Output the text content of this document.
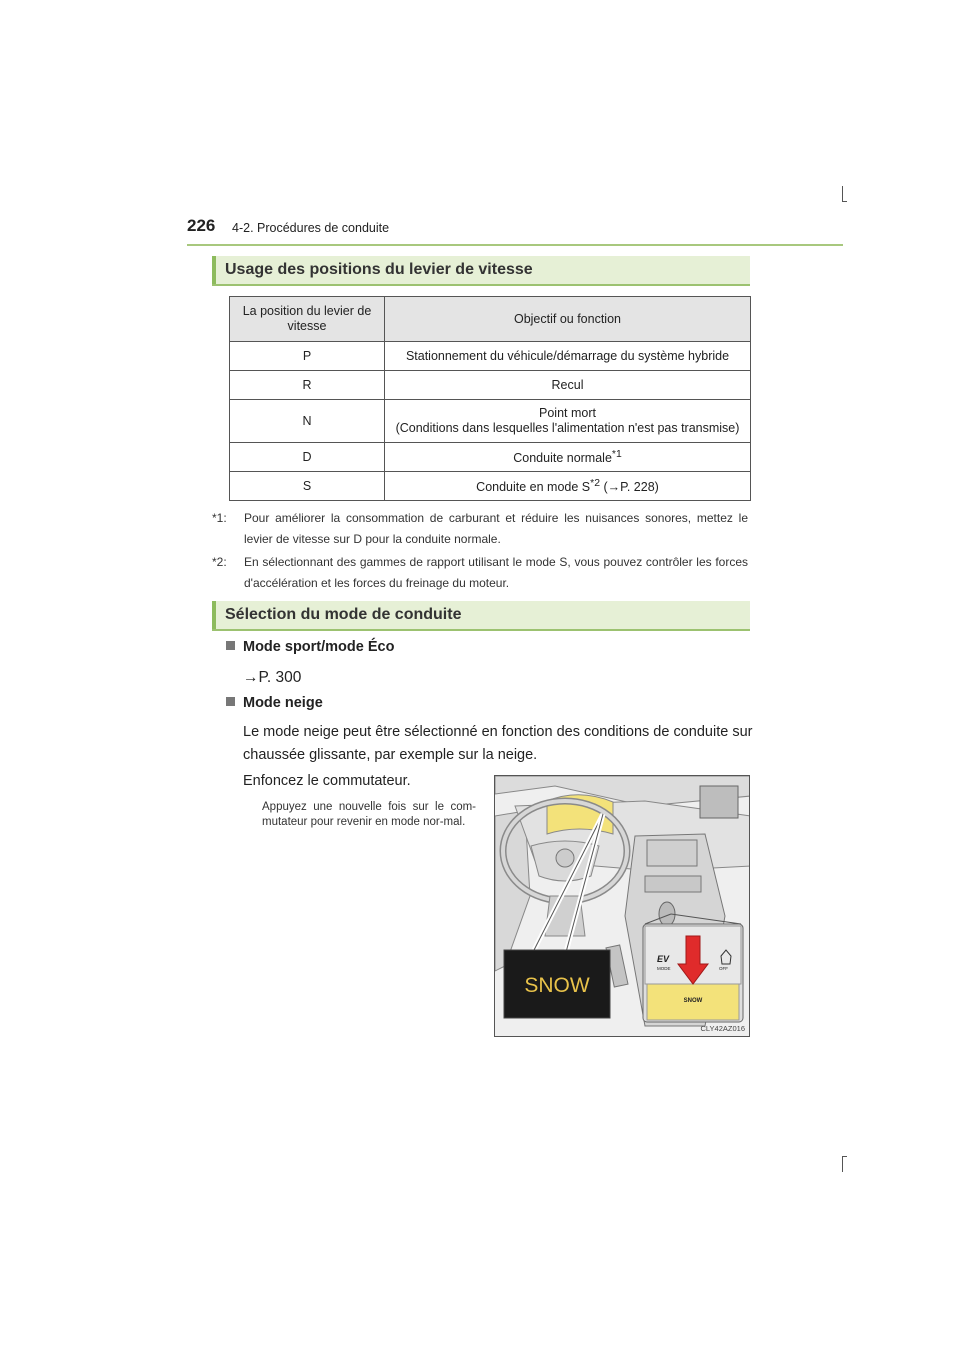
226 4-2. Procédures de conduite
Usage des positions du levier de vitesse
La position du levier de vitesse	Objectif ou fonction
P	Stationnement du véhicule/démarrage du système hybride
R	Recul
N	Point mort
(Conditions dans lesquelles l'alimentation n'est pas transmise)
D	Conduite normale$^{*1}$
S	Conduite en mode $S^{*2}$ (→P. 228)
*1: Pour améliorer la consommation de carburant et réduire les nuisances sonores, mettez le levier de vitesse sur D pour la conduite normale.
*2: En sélectionnant des gammes de rapport utilisant le mode S, vous pouvez contrôler les forces d'accélération et les forces du freinage du moteur.
Sélection du mode de conduite
Mode sport/mode Éco
→P. 300
Mode neige
Le mode neige peut être sélectionné en fonction des conditions de conduite sur chaussée glissante, par exemple sur la neige.
Enfoncez le commutateur.
Appuyez une nouvelle fois sur le com-mutateur pour revenir en mode nor-mal.
SNOW
EV
MODE	OFF
SNOW
CLY42AZ016
